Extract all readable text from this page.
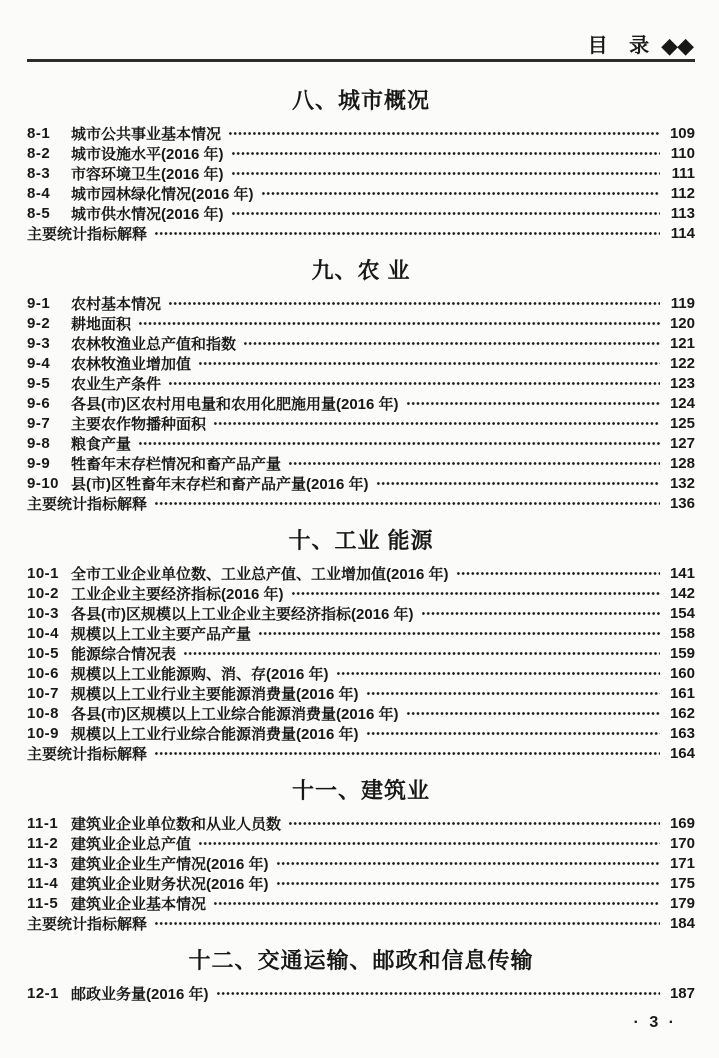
目 录 ◆◆
八、城市概况
8-1	城市公共事业基本情况	109
8-2	城市设施水平(2016 年)	110
8-3	市容环境卫生(2016 年)	111
8-4	城市园林绿化情况(2016 年)	112
8-5	城市供水情况(2016 年)	113
主要统计指标解释	114
九、农 业
9-1	农村基本情况	119
9-2	耕地面积	120
9-3	农林牧渔业总产值和指数	121
9-4	农林牧渔业增加值	122
9-5	农业生产条件	123
9-6	各县(市)区农村用电量和农用化肥施用量(2016 年)	124
9-7	主要农作物播种面积	125
9-8	粮食产量	127
9-9	牲畜年末存栏情况和畜产品产量	128
9-10 县(市)区牲畜年末存栏和畜产品产量(2016 年)	132
主要统计指标解释	136
十、工业 能源
10-1 全市工业企业单位数、工业总产值、工业增加值(2016 年)	141
10-2 工业企业主要经济指标(2016 年)	142
10-3 各县(市)区规模以上工业企业主要经济指标(2016 年)	154
10-4 规模以上工业主要产品产量	158
10-5 能源综合情况表	159
10-6 规模以上工业能源购、消、存(2016 年)	160
10-7 规模以上工业行业主要能源消费量(2016 年)	161
10-8 各县(市)区规模以上工业综合能源消费量(2016 年)	162
10-9 规模以上工业行业综合能源消费量(2016 年)	163
主要统计指标解释	164
十一、建筑业
11-1 建筑业企业单位数和从业人员数	169
11-2 建筑业企业总产值	170
11-3 建筑业企业生产情况(2016 年)	171
11-4 建筑业企业财务状况(2016 年)	175
11-5 建筑业企业基本情况	179
主要统计指标解释	184
十二、交通运输、邮政和信息传输
12-1 邮政业务量(2016 年)	187
· 3 ·
